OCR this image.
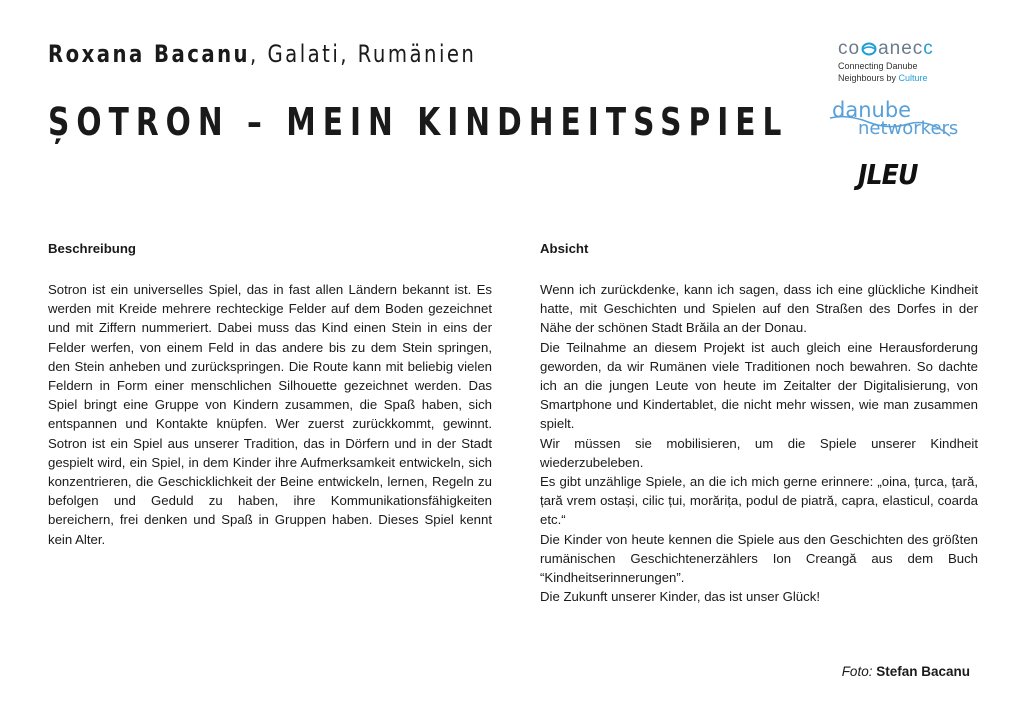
Roxana Bacanu, Galati, Rumänien
ȘOTRON – MEIN KINDHEITSSPIEL
co anec c
Connecting Danube
Neighbours by Culture
danube
networkers
JLEU
Beschreibung

Sotron ist ein universelles Spiel, das in fast allen Ländern bekannt ist. Es werden mit Kreide mehrere rechteckige Felder auf dem Boden gezeichnet und mit Ziffern nummeriert. Dabei muss das Kind einen Stein in eins der Felder werfen, von einem Feld in das andere bis zu dem Stein springen, den Stein anheben und zurückspringen. Die Route kann mit beliebig vielen Feldern in Form einer menschlichen Silhouette gezeichnet werden. Das Spiel bringt eine Gruppe von Kindern zusammen, die Spaß haben, sich entspannen und Kontakte knüpfen. Wer zuerst zurückkommt, gewinnt. Sotron ist ein Spiel aus unserer Tradition, das in Dörfern und in der Stadt gespielt wird, ein Spiel, in dem Kinder ihre Aufmerksamkeit entwickeln, sich konzentrieren, die Geschicklichkeit der Beine entwickeln, lernen, Regeln zu befolgen und Geduld zu haben, ihre Kommunikationsfähigkeiten bereichern, frei denken und Spaß in Gruppen haben. Dieses Spiel kennt kein Alter.

Absicht

Wenn ich zurückdenke, kann ich sagen, dass ich eine glückliche Kindheit hatte, mit Geschichten und Spielen auf den Straßen des Dorfes in der Nähe der schönen Stadt Brăila an der Donau.

Die Teilnahme an diesem Projekt ist auch gleich eine Herausforderung geworden, da wir Rumänen viele Traditionen noch bewahren. So dachte ich an die jungen Leute von heute im Zeitalter der Digitalisierung, von Smartphone und Kindertablet, die nicht mehr wissen, wie man zusammen spielt.

Wir müssen sie mobilisieren, um die Spiele unserer Kindheit wiederzubeleben.

Es gibt unzählige Spiele, an die ich mich gerne erinnere: „oina, țurca, țară, țară vrem ostași, cilic țui, morărița, podul de piatră, capra, elasticul, coarda etc.“

Die Kinder von heute kennen die Spiele aus den Geschichten des größten rumänischen Geschichtenerzählers Ion Creangă aus dem Buch “Kindheitserinnerungen”.

Die Zukunft unserer Kinder, das ist unser Glück!

Foto: Stefan Bacanu
